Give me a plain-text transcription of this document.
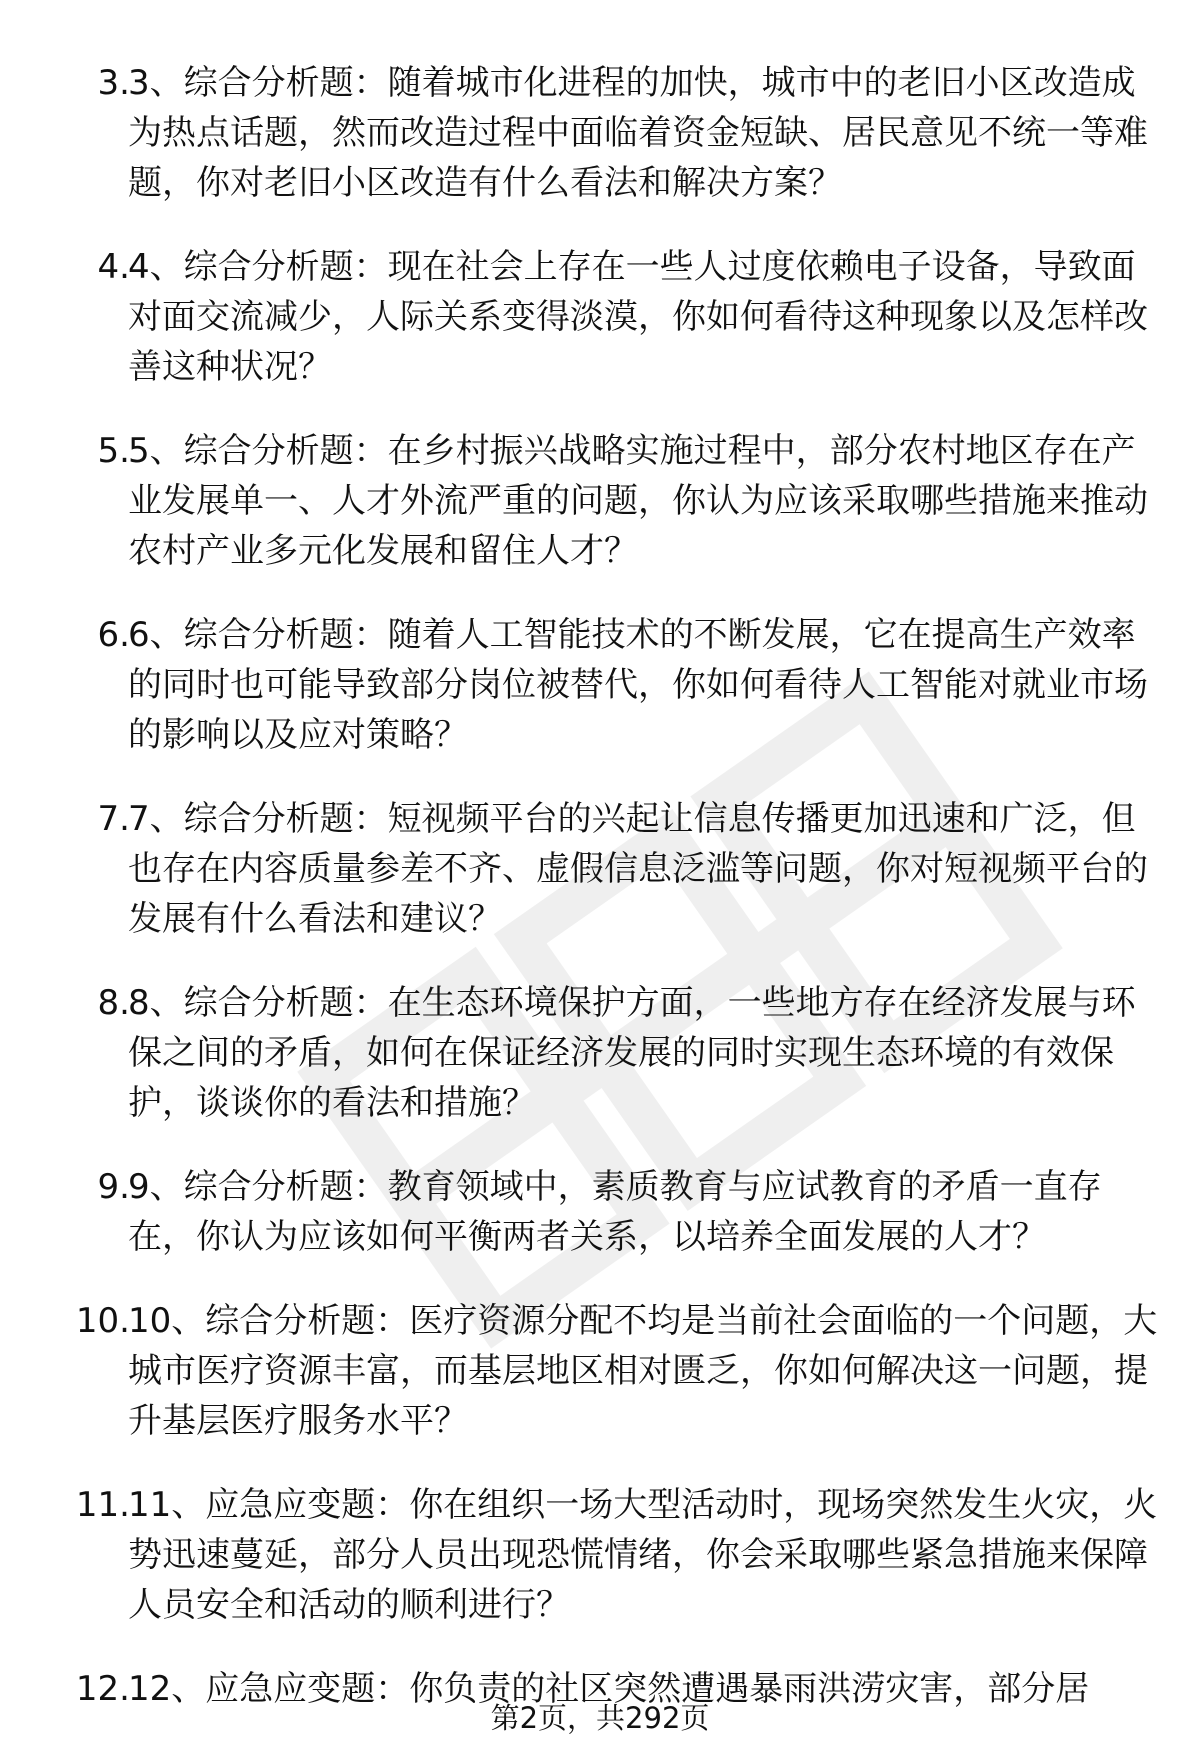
3.
3、综合分析题：随着城市化进程的加快，城市中的老旧小区改造成为热点话题，然而改造过程中面临着资金短缺、居民意见不统一等难题，你对老旧小区改造有什么看法和解决方案？
4.
4、综合分析题：现在社会上存在一些人过度依赖电子设备，导致面对面交流减少，人际关系变得淡漠，你如何看待这种现象以及怎样改善这种状况？
5.
5、综合分析题：在乡村振兴战略实施过程中，部分农村地区存在产业发展单一、人才外流严重的问题，你认为应该采取哪些措施来推动农村产业多元化发展和留住人才？
6.
6、综合分析题：随着人工智能技术的不断发展，它在提高生产效率的同时也可能导致部分岗位被替代，你如何看待人工智能对就业市场的影响以及应对策略？
7.
7、综合分析题：短视频平台的兴起让信息传播更加迅速和广泛，但也存在内容质量参差不齐、虚假信息泛滥等问题，你对短视频平台的发展有什么看法和建议？
8.
8、综合分析题：在生态环境保护方面，一些地方存在经济发展与环保之间的矛盾，如何在保证经济发展的同时实现生态环境的有效保护，谈谈你的看法和措施？
9.
9、综合分析题：教育领域中，素质教育与应试教育的矛盾一直存在，你认为应该如何平衡两者关系，以培养全面发展的人才？
10.
10、综合分析题：医疗资源分配不均是当前社会面临的一个问题，大城市医疗资源丰富，而基层地区相对匮乏，你如何解决这一问题，提升基层医疗服务水平？
11.
11、应急应变题：你在组织一场大型活动时，现场突然发生火灾，火势迅速蔓延，部分人员出现恐慌情绪，你会采取哪些紧急措施来保障人员安全和活动的顺利进行？
12.
12、应急应变题：你负责的社区突然遭遇暴雨洪涝灾害，部分居
第2页，共292页
